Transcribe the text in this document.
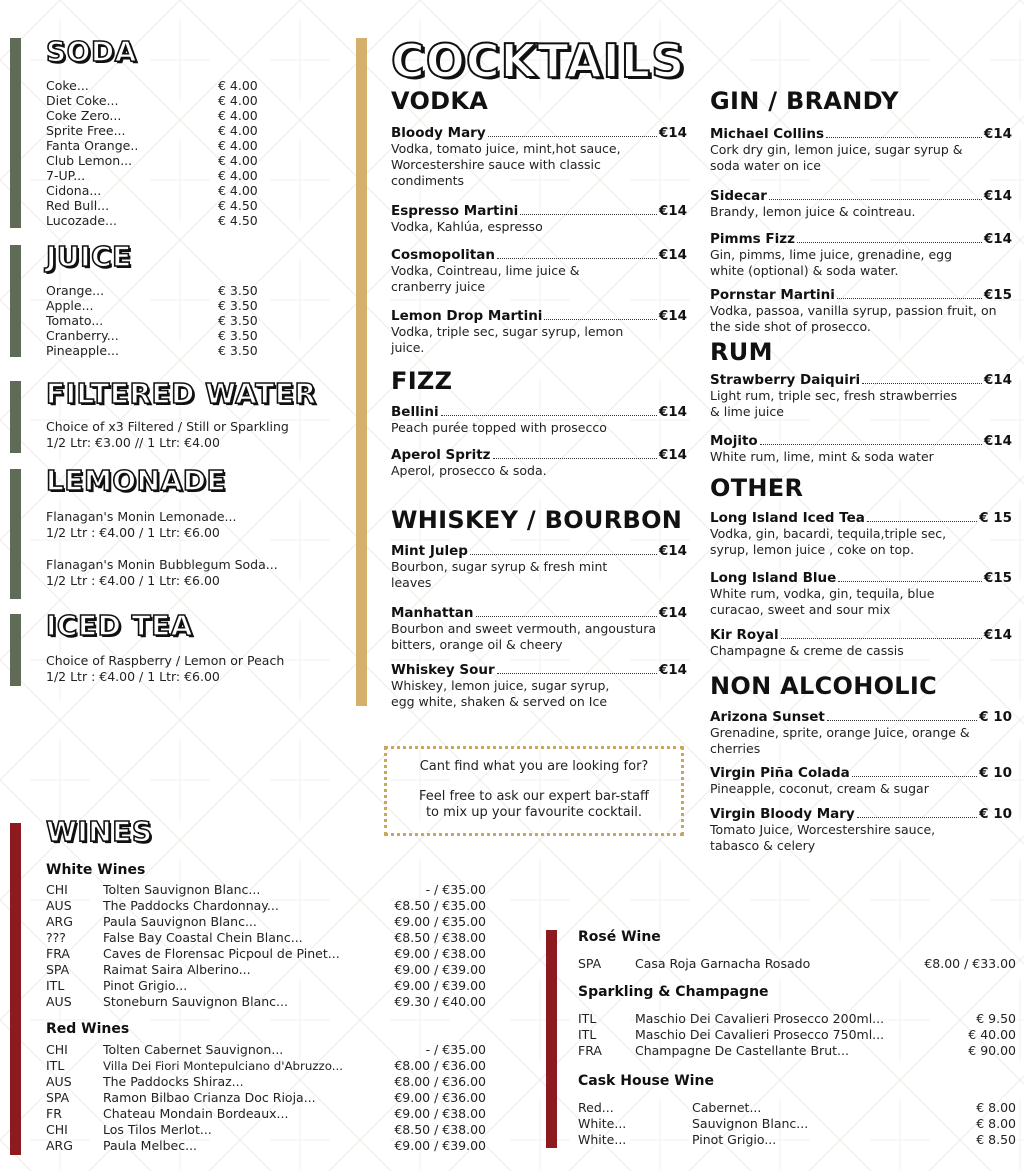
SODA
Coke...	€ 4.00
Diet Coke...	€ 4.00
Coke Zero...	€ 4.00
Sprite Free...	€ 4.00
Fanta Orange..	€ 4.00
Club Lemon...	€ 4.00
7-UP...	€ 4.00
Cidona...	€ 4.00
Red Bull...	€ 4.50
Lucozade...	€ 4.50
JUICE
Orange...	€ 3.50
Apple...	€ 3.50
Tomato...	€ 3.50
Cranberry...	€ 3.50
Pineapple...	€ 3.50
FILTERED WATER
Choice of x3 Filtered / Still or Sparkling
1/2 Ltr: €3.00 // 1 Ltr: €4.00
LEMONADE
Flanagan's Monin Lemonade...
1/2 Ltr : €4.00 / 1 Ltr: €6.00
Flanagan's Monin Bubblegum Soda...
1/2 Ltr : €4.00 / 1 Ltr: €6.00
ICED TEA
Choice of Raspberry / Lemon or Peach
1/2 Ltr : €4.00 / 1 Ltr: €6.00
COCKTAILS
VODKA
Bloody Mary	€14
Vodka, tomato juice, mint,hot sauce, Worcestershire sauce with classic condiments
Espresso Martini	€14
Vodka, Kahlúa, espresso
Cosmopolitan	€14
Vodka, Cointreau, lime juice & cranberry juice
Lemon Drop Martini	€14
Vodka, triple sec, sugar syrup, lemon juice.
FIZZ
Bellini	€14
Peach purée topped with prosecco
Aperol Spritz	€14
Aperol, prosecco & soda.
WHISKEY / BOURBON
Mint Julep	€14
Bourbon, sugar syrup & fresh mint leaves
Manhattan	€14
Bourbon and sweet vermouth, angoustura bitters, orange oil & cheery
Whiskey Sour	€14
Whiskey, lemon juice, sugar syrup, egg white, shaken & served on Ice
GIN / BRANDY
Michael Collins	€14
Cork dry gin, lemon juice, sugar syrup & soda water on ice
Sidecar	€14
Brandy, lemon juice & cointreau.
Pimms Fizz	€14
Gin, pimms, lime juice, grenadine, egg white (optional) & soda water.
Pornstar Martini	€15
Vodka, passoa, vanilla syrup, passion fruit, on the side shot of prosecco.
RUM
Strawberry Daiquiri	€14
Light rum, triple sec, fresh strawberries & lime juice
Mojito	€14
White rum, lime, mint & soda water
OTHER
Long Island Iced Tea	€ 15
Vodka, gin, bacardi, tequila,triple sec, syrup, lemon juice , coke on top.
Long Island Blue	€15
White rum, vodka, gin, tequila, blue curacao, sweet and sour mix
Kir Royal	€14
Champagne & creme de cassis
NON ALCOHOLIC
Arizona Sunset	€ 10
Grenadine, sprite, orange Juice, orange & cherries
Virgin Piña Colada	€ 10
Pineapple, coconut, cream & sugar
Virgin Bloody Mary	€ 10
Tomato Juice, Worcestershire sauce, tabasco & celery
Cant find what you are looking for?
Feel free to ask our expert bar-staff
to mix up your favourite cocktail.
WINES
White Wines
CHI	Tolten Sauvignon Blanc...	- / €35.00
AUS	The Paddocks Chardonnay...	€8.50 / €35.00
ARG	Paula Sauvignon Blanc...	€9.00 / €35.00
???	False Bay Coastal Chein Blanc...	€8.50 / €38.00
FRA	Caves de Florensac Picpoul de Pinet...	€9.00 / €38.00
SPA	Raimat Saira Alberino...	€9.00 / €39.00
ITL	Pinot Grigio...	€9.00 / €39.00
AUS	Stoneburn Sauvignon Blanc...	€9.30 / €40.00
Red Wines
CHI	Tolten Cabernet Sauvignon...	- / €35.00
ITL	Villa Dei Fiori Montepulciano d'Abruzzo...	€8.00 / €36.00
AUS	The Paddocks Shiraz...	€8.00 / €36.00
SPA	Ramon Bilbao Crianza Doc Rioja...	€9.00 / €36.00
FR	Chateau Mondain Bordeaux...	€9.00 / €38.00
CHI	Los Tilos Merlot...	€8.50 / €38.00
ARG	Paula Melbec...	€9.00 / €39.00
Rosé Wine
SPA	Casa Roja Garnacha Rosado	€8.00 / €33.00
Sparkling & Champagne
ITL	Maschio Dei Cavalieri Prosecco 200ml...	€ 9.50
ITL	Maschio Dei Cavalieri Prosecco 750ml...	€ 40.00
FRA	Champagne De Castellante Brut...	€ 90.00
Cask House Wine
Red...	Cabernet...	€ 8.00
White...	Sauvignon Blanc...	€ 8.00
White...	Pinot Grigio...	€ 8.50
